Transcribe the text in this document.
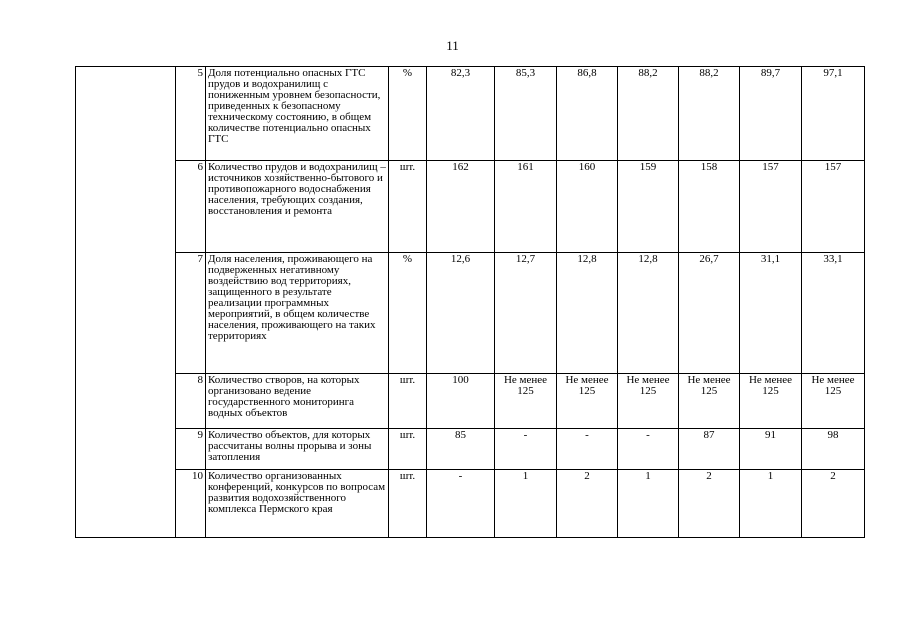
11
	5	Доля потенциально опасных ГТС прудов и водохранилищ с пониженным уровнем безопасности, приведенных к безопасному техническому состоянию, в общем количестве потенциально опасных ГТС	%	82,3	85,3	86,8	88,2	88,2	89,7	97,1
	6	Количество прудов и водохранилищ – источников хозяйственно-бытового и противопожарного водоснабжения населения, требующих создания, восстановления и ремонта	шт.	162	161	160	159	158	157	157
	7	Доля населения, проживающего на подверженных негативному воздействию вод территориях, защищенного в результате реализации программных мероприятий, в общем количестве населения, проживающего на таких территориях	%	12,6	12,7	12,8	12,8	26,7	31,1	33,1
	8	Количество створов, на которых организовано ведение государственного мониторинга водных объектов	шт.	100	Не менее 125	Не менее 125	Не менее 125	Не менее 125	Не менее 125	Не менее 125
	9	Количество объектов, для которых рассчитаны волны прорыва и зоны затопления	шт.	85	-	-	-	87	91	98
	10	Количество организованных конференций, конкурсов по вопросам развития водохозяйственного комплекса Пермского края	шт.	-	1	2	1	2	1	2
